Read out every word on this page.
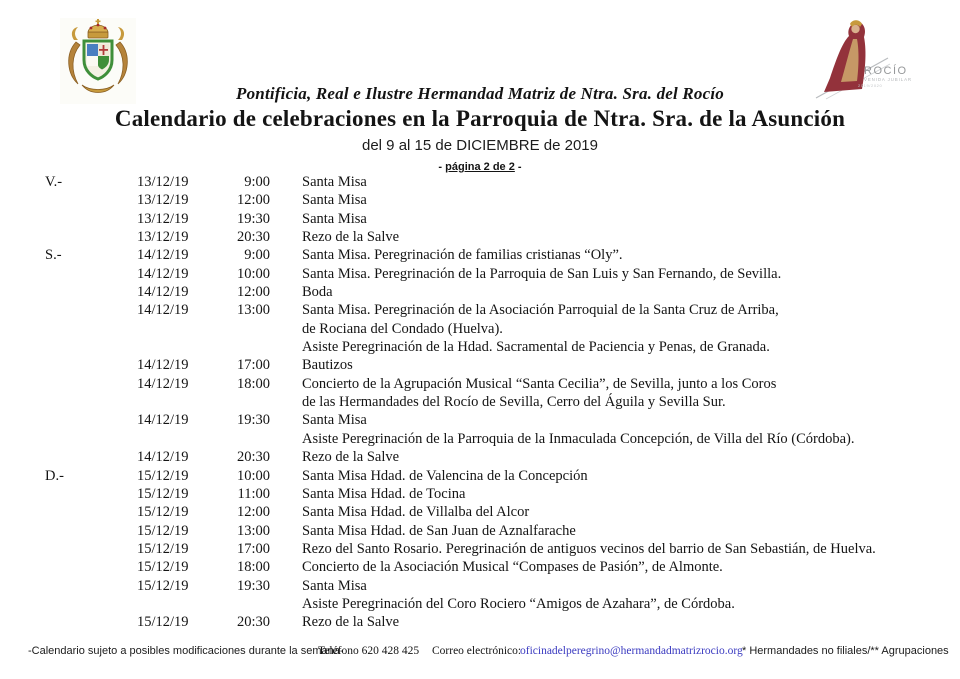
Pontificia, Real e Ilustre Hermandad Matriz de Ntra. Sra. del Rocío
Calendario de celebraciones en la Parroquia de Ntra. Sra. de la Asunción
del 9 al 15 de DICIEMBRE de 2019
- página 2 de 2 -
ROCÍO
VENIDA JUBILAR
2019/2020
V.-	13/12/19	9:00	Santa Misa
13/12/19	12:00	Santa Misa
13/12/19	19:30	Santa Misa
13/12/19	20:30	Rezo de la Salve
S.-	14/12/19	9:00	Santa Misa. Peregrinación de familias cristianas “Oly”.
14/12/19	10:00	Santa Misa. Peregrinación de la Parroquia de San Luis y San Fernando, de Sevilla.
14/12/19	12:00	Boda
14/12/19	13:00	Santa Misa. Peregrinación de la Asociación Parroquial de la Santa Cruz de Arriba,
de Rociana del Condado (Huelva).
Asiste Peregrinación de la Hdad. Sacramental de Paciencia y Penas, de Granada.
14/12/19	17:00	Bautizos
14/12/19	18:00	Concierto de la Agrupación Musical “Santa Cecilia”, de Sevilla, junto a los Coros
de las Hermandades del Rocío de Sevilla, Cerro del Águila y Sevilla Sur.
14/12/19	19:30	Santa Misa
Asiste Peregrinación de la Parroquia de la Inmaculada Concepción, de Villa del Río (Córdoba).
14/12/19	20:30	Rezo de la Salve
D.-	15/12/19	10:00	Santa Misa Hdad. de Valencina de la Concepción
15/12/19	11:00	Santa Misa Hdad. de Tocina
15/12/19	12:00	Santa Misa Hdad. de Villalba del Alcor
15/12/19	13:00	Santa Misa Hdad. de San Juan de Aznalfarache
15/12/19	17:00	Rezo del Santo Rosario. Peregrinación de antiguos vecinos del barrio de San Sebastián, de Huelva.
15/12/19	18:00	Concierto de la Asociación Musical “Compases de Pasión”, de Almonte.
15/12/19	19:30	Santa Misa
Asiste Peregrinación del Coro Rociero “Amigos de Azahara”, de Córdoba.
15/12/19	20:30	Rezo de la Salve
-Calendario sujeto a posibles modificaciones durante la semana-
Teléfono 620 428 425 Correo electrónico:
oficinadelperegrino@hermandadmatrizrocio.org * Hermandades no filiales/** Agrupaciones
